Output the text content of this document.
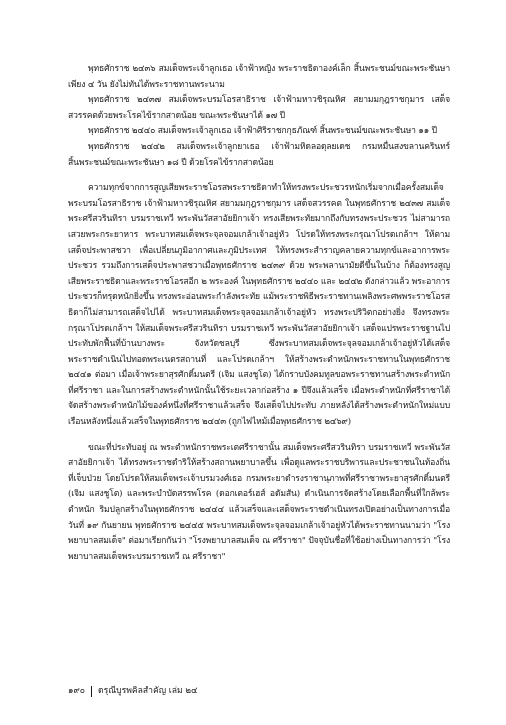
พุทธศักราช ๒๔๓๖ สมเด็จพระเจ้าลูกเธอ เจ้าฟ้าหญิง พระราชธิดาองค์เล็ก สิ้นพระชนม์ขณะพระชันษาเพียง ๔ วัน ยังไม่ทันได้พระราชทานพระนาม

พุทธศักราช ๒๔๓๗ สมเด็จพระบรมโอรสาธิราช เจ้าฟ้ามหาวชิรุณหิศ สยามมกุฎราชกุมาร เสด็จสวรรคตด้วยพระโรคไข้รากสาดน้อย ขณะพระชันษาได้ ๑๗ ปี

พุทธศักราช ๒๔๔๐ สมเด็จพระเจ้าลูกเธอ เจ้าฟ้าศิริราชกกุธภัณฑ์ สิ้นพระชนม์ขณะพระชันษา ๑๑ ปี

พุทธศักราช ๒๔๔๒ สมเด็จพระเจ้าลูกยาเธอ เจ้าฟ้ามหิดลอดุลยเดช กรมหมื่นสงขลานครินทร์ สิ้นพระชนม์ขณะพระชันษา ๑๘ ปี ด้วยโรคไข้รากสาดน้อย

ความทุกข์จากการสูญเสียพระราชโอรสพระราชธิดาทำให้ทรงพระประชวรหนักเริ่มจากเมื่อครั้งสมเด็จพระบรมโอรสาธิราช เจ้าฟ้ามหาวชิรุณหิศ สยามมกุฎราชกุมาร เสด็จสวรรคต ในพุทธศักราช ๒๔๓๗ สมเด็จพระศรีสวรินทิรา บรมราชเทวี พระพันวัสสาอัยยิกาเจ้า ทรงเสียพระทัยมากถึงกับทรงพระประชวร ไม่สามารถเสวยพระกระยาหาร พระบาทสมเด็จพระจุลจอมเกล้าเจ้าอยู่หัว โปรดให้ทรงพระกรุณาโปรดเกล้าฯ ให้ตามเสด็จประพาสชวา เพื่อเปลี่ยนภูมิอากาศและภูมิประเทศ ให้ทรงพระสำราญคลายความทุกข์และอาการพระประชวร รวมถึงการเสด็จประพาสชวาเมื่อพุทธศักราช ๒๔๓๙ ด้วย พระพลานามัยดีขึ้นในบ้าง ก็ต้องทรงสูญเสียพระราชธิดาและพระราชโอรสอีก ๒ พระองค์ ในพุทธศักราช ๒๔๔๐ และ ๒๔๔๒ ดังกล่าวแล้ว พระอาการประชวรก็ทรุดหนักยิ่งขึ้น ทรงพระอ่อนพระกำลังพระทัย แม้พระราชพิธีพระราชทานเพลิงพระศพพระราชโอรสธิดาก็ไม่สามารถเสด็จไปได้ พระบาทสมเด็จพระจุลจอมเกล้าเจ้าอยู่หัว ทรงพระปริวิตกอย่างยิ่ง จึงทรงพระกรุณาโปรดเกล้าฯ ให้สมเด็จพระศรีสวรินทิรา บรมราชเทวี พระพันวัสสาอัยยิกาเจ้า เสด็จแปรพระราชฐานไปประทับพักฟื้นที่บ้านบางพระ จังหวัดชลบุรี ซึ่งพระบาทสมเด็จพระจุลจอมเกล้าเจ้าอยู่หัวได้เสด็จพระราชดำเนินไปทอดพระเนตรสถานที่ และโปรดเกล้าฯ ให้สร้างพระตำหนักพระราชทานในพุทธศักราช ๒๔๔๑ ต่อมา เมื่อเจ้าพระยาสุรศักดิ์มนตรี (เจิม แสงชูโต) ได้กราบบังคมทูลขอพระราชทานสร้างพระตำหนักที่ศรีราชา และในการสร้างพระตำหนักนั้นใช้ระยะเวลาก่อสร้าง ๑ ปีจึงแล้วเสร็จ เมื่อพระตำหนักที่ศรีราชาได้จัดสร้างพระตำหนักไม้ของค์หนึ่งที่ศรีราชาแล้วเสร็จ จึงเสด็จไปประทับ ภายหลังได้สร้างพระตำหนักใหม่แบบเรือนหลังหนึ่งแล้วเสร็จในพุทธศักราช ๒๔๔๓ (ถูกไฟไหม้เมื่อพุทธศักราช ๒๔๖๙)

ขณะที่ประทับอยู่ ณ พระตำหนักราชพระเตศรีราชานั้น สมเด็จพระศรีสวรินทิรา บรมราชเทวี พระพันวัสสาอัยยิกาเจ้า ได้ทรงพระราชดำริให้สร้างสถานพยาบาลขึ้น เพื่อดูแลพระราชบริพารและประชาชนในท้องถิ่นที่เจ็บป่วย โดยโปรดให้สมเด็จพระเจ้าบรมวงศ์เธอ กรมพระยาดำรงราชานุภาพที่ศรีราชาพระยาสุรศักดิ์มนตรี (เจิม แสงชูโต) และพระบำบัดสรรพโรค (ดอกเตอร์เฮส์ อดัมสัน) ดำเนินการจัดสร้างโดยเลือกพื้นที่ใกล้พระตำหนัก ริมปลูกสร้างในพุทธศักราช ๒๔๔๔ แล้วเสร็จและเสด็จพระราชดำเนินทรงเปิดอย่างเป็นทางการเมื่อวันที่ ๑๙ กันยายน พุทธศักราช ๒๔๔๕ พระบาทสมเด็จพระจุลจอมเกล้าเจ้าอยู่หัวได้พระราชทานนามว่า "โรงพยาบาลสมเด็จ" ต่อมาเรียกกันว่า "โรงพยาบาลสมเด็จ ณ ศรีราชา" ปัจจุบันชื่อที่ใช้อย่างเป็นทางการว่า "โรงพยาบาลสมเด็จพระบรมราชเทวี ณ ศรีราชา"

๑๙๐ ดรุณีบูรพคิลสำคัญ เล่ม ๒๔
